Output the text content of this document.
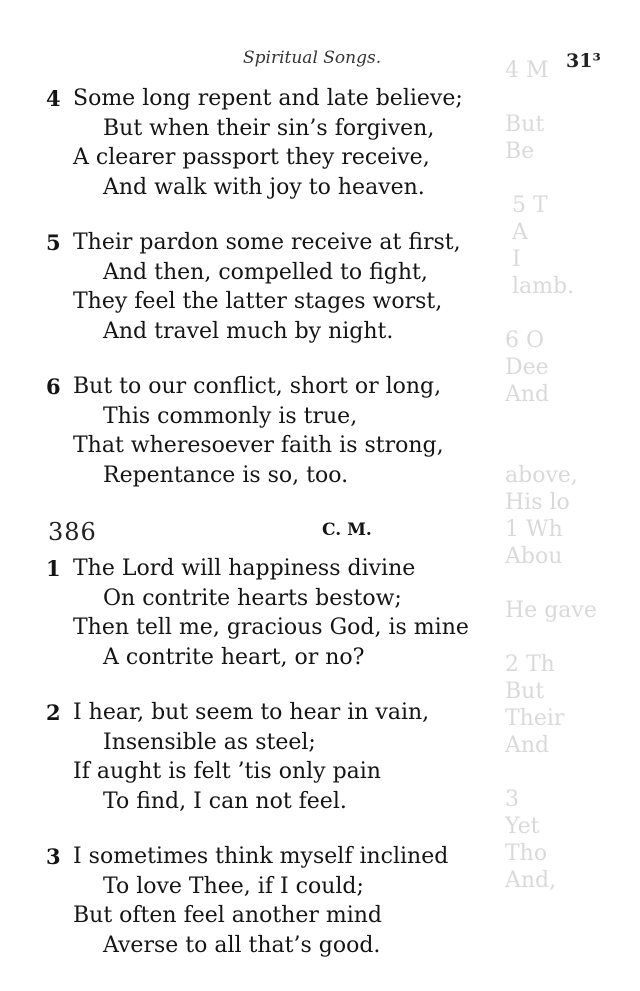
4 M

But
Be

5 T
A
I
lamb.

6 O
Dee
And

above,
His lo
1 Wh
Abou

He gave

2 Th
But
Their
And

3
Yet
Tho
And,
Spiritual Songs.	31³
4 Some long repent and late believe;
But when their sin’s forgiven,
A clearer passport they receive,
And walk with joy to heaven.
5 Their pardon some receive at first,
And then, compelled to fight,
They feel the latter stages worst,
And travel much by night.
6 But to our conflict, short or long,
This commonly is true,
That wheresoever faith is strong,
Repentance is so, too.
386	C. M.
1 The Lord will happiness divine
On contrite hearts bestow;
Then tell me, gracious God, is mine
A contrite heart, or no?
2 I hear, but seem to hear in vain,
Insensible as steel;
If aught is felt ’tis only pain
To find, I can not feel.
3 I sometimes think myself inclined
To love Thee, if I could;
But often feel another mind
Averse to all that’s good.
